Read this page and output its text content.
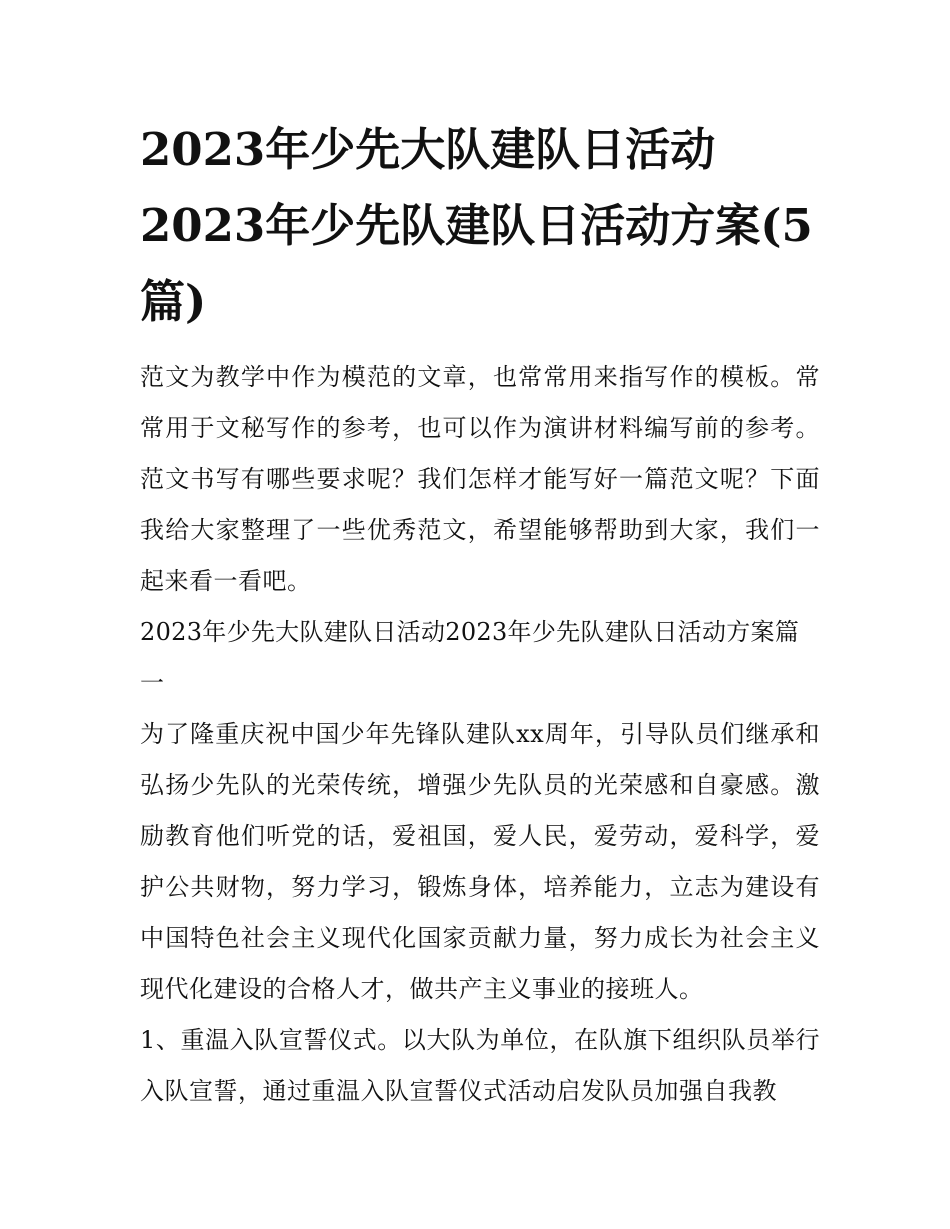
2023年少先大队建队日活动2023年少先队建队日活动方案(5篇)

范文为教学中作为模范的文章，也常常用来指写作的模板。常常用于文秘写作的参考，也可以作为演讲材料编写前的参考。范文书写有哪些要求呢？我们怎样才能写好一篇范文呢？下面我给大家整理了一些优秀范文，希望能够帮助到大家，我们一起来看一看吧。

2023年少先大队建队日活动2023年少先队建队日活动方案篇一

为了隆重庆祝中国少年先锋队建队xx周年，引导队员们继承和弘扬少先队的光荣传统，增强少先队员的光荣感和自豪感。激励教育他们听党的话，爱祖国，爱人民，爱劳动，爱科学，爱护公共财物，努力学习，锻炼身体，培养能力，立志为建设有中国特色社会主义现代化国家贡献力量，努力成长为社会主义现代化建设的合格人才，做共产主义事业的接班人。

1、重温入队宣誓仪式。以大队为单位，在队旗下组织队员举行入队宣誓，通过重温入队宣誓仪式活动启发队员加强自我教
